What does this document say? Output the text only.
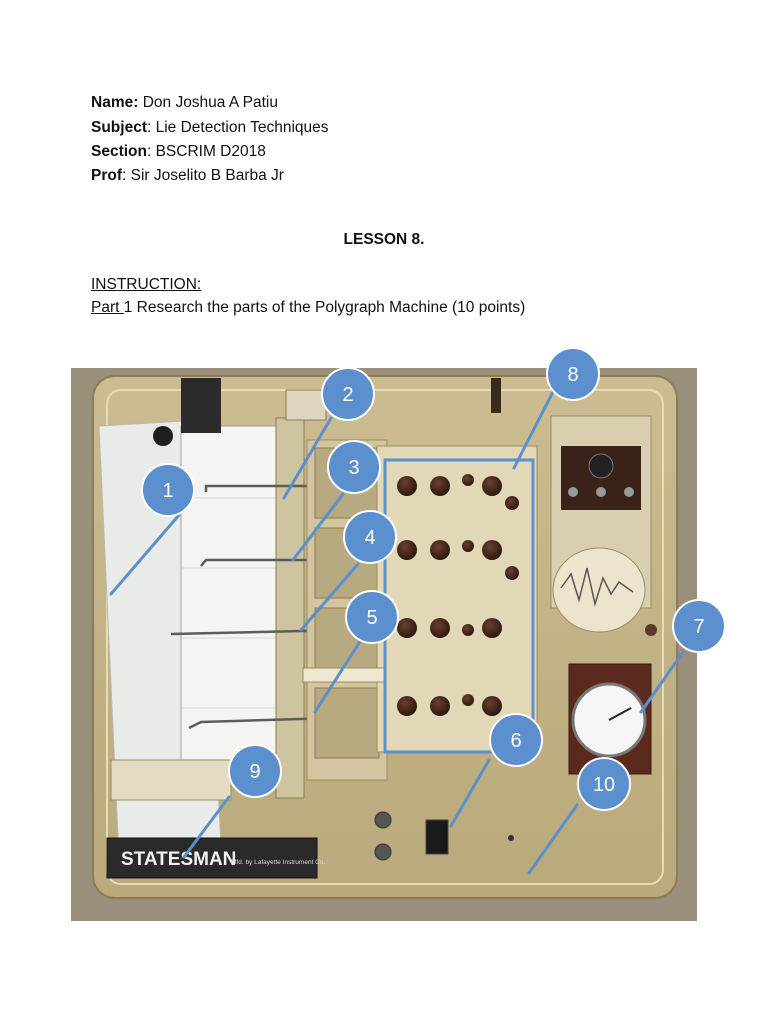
Name: Don Joshua A Patiu
Subject: Lie Detection Techniques
Section: BSCRIM D2018
Prof: Sir Joselito B Barba Jr
LESSON 8.
INSTRUCTION:
Part 1 Research the parts of the Polygraph Machine (10 points)
STATESMAN
Mfd. by Lafayette Instrument Co.
1
2
3
4
5
6
7
8
9
10
